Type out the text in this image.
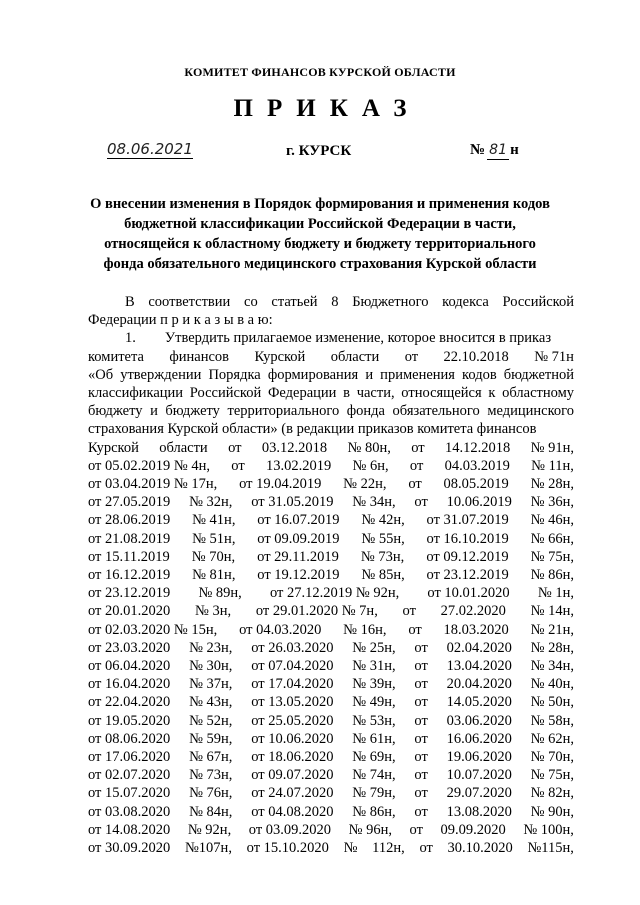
КОМИТЕТ ФИНАНСОВ КУРСКОЙ ОБЛАСТИ
ПРИКАЗ
08.06.2021	г. КУРСК	№ 81 н
О внесении изменения в Порядок формирования и применения кодов
бюджетной классификации Российской Федерации в части,
относящейся к областному бюджету и бюджету территориального
фонда обязательного медицинского страхования Курской области

В соответствии со статьей 8 Бюджетного кодекса Российской Федерации п р и к а з ы в а ю:

1.        Утвердить прилагаемое изменение, которое вносится в приказ

комитета финансов Курской области от 22.10.2018 № 71н

«Об утверждении Порядка формирования и применения кодов бюджетной классификации Российской Федерации в части, относящейся к областному бюджету и бюджету территориального фонда обязательного медицинского страхования Курской области» (в редакции приказов комитета финансов

Курской области от 03.12.2018 № 80н, от 14.12.2018 № 91н,
от 05.02.2019 № 4н, от 13.02.2019 № 6н, от 04.03.2019 № 11н,
от 03.04.2019 № 17н, от 19.04.2019 № 22н, от 08.05.2019 № 28н,
от 27.05.2019 № 32н, от 31.05.2019 № 34н, от 10.06.2019 № 36н,
от 28.06.2019 № 41н, от 16.07.2019 № 42н, от 31.07.2019 № 46н,
от 21.08.2019 № 51н, от 09.09.2019 № 55н, от 16.10.2019 № 66н,
от 15.11.2019 № 70н, от 29.11.2019 № 73н, от 09.12.2019 № 75н,
от 16.12.2019 № 81н, от 19.12.2019 № 85н, от 23.12.2019 № 86н,
от 23.12.2019 № 89н, от 27.12.2019 № 92н, от 10.01.2020 № 1н,
от 20.01.2020 № 3н, от 29.01.2020 № 7н, от 27.02.2020 № 14н,
от 02.03.2020 № 15н, от 04.03.2020 № 16н, от 18.03.2020 № 21н,
от 23.03.2020 № 23н, от 26.03.2020 № 25н, от 02.04.2020 № 28н,
от 06.04.2020 № 30н, от 07.04.2020 № 31н, от 13.04.2020 № 34н,
от 16.04.2020 № 37н, от 17.04.2020 № 39н, от 20.04.2020 № 40н,
от 22.04.2020 № 43н, от 13.05.2020 № 49н, от 14.05.2020 № 50н,
от 19.05.2020 № 52н, от 25.05.2020 № 53н, от 03.06.2020 № 58н,
от 08.06.2020 № 59н, от 10.06.2020 № 61н, от 16.06.2020 № 62н,
от 17.06.2020 № 67н, от 18.06.2020 № 69н, от 19.06.2020 № 70н,
от 02.07.2020 № 73н, от 09.07.2020 № 74н, от 10.07.2020 № 75н,
от 15.07.2020 № 76н, от 24.07.2020 № 79н, от 29.07.2020 № 82н,
от 03.08.2020 № 84н, от 04.08.2020 № 86н, от 13.08.2020 № 90н,
от 14.08.2020 № 92н, от 03.09.2020 № 96н, от 09.09.2020 № 100н,
от 30.09.2020 №107н, от 15.10.2020 № 112н, от 30.10.2020 №115н,
